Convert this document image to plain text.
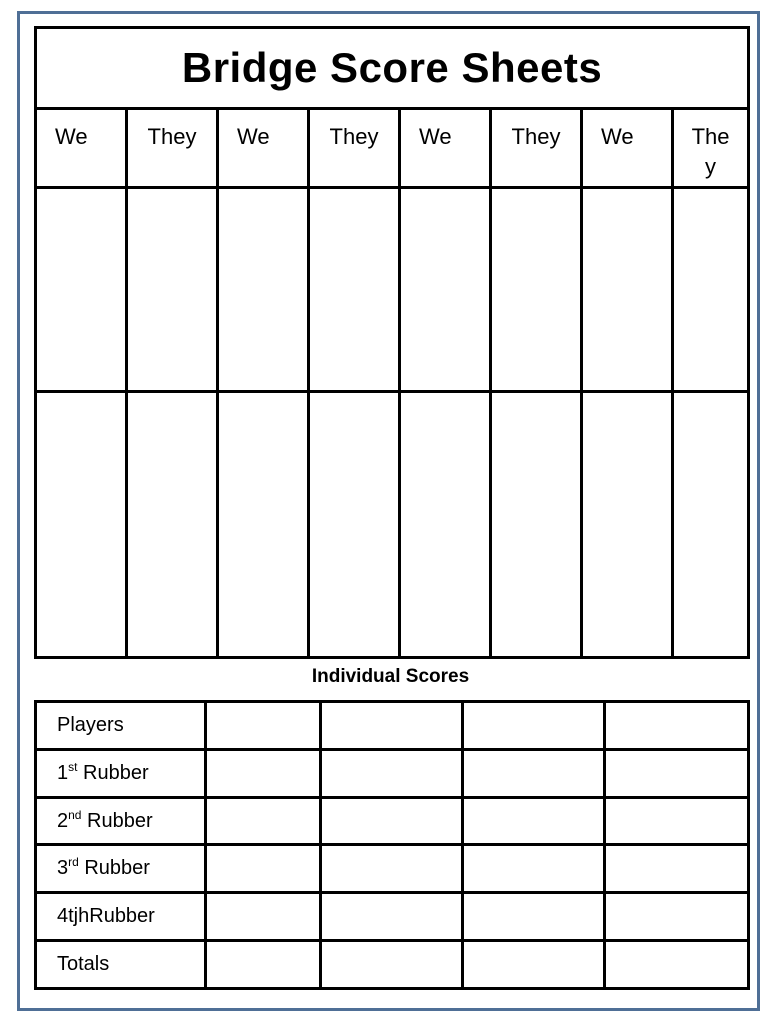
Bridge Score Sheets							
We	They	We	They	We	They	We	They

Individual Scores
Players				
1st Rubber				
2nd Rubber				
3rd Rubber				
4tjhRubber				
Totals				
